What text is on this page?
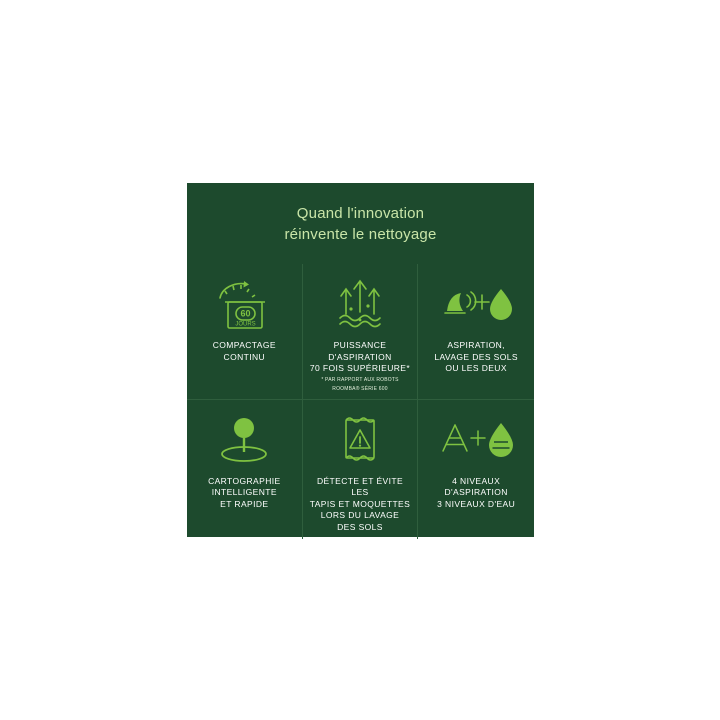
Quand l'innovation
réinvente le nettoyage
60
JOURS
COMPACTAGE
CONTINU
PUISSANCE
D'ASPIRATION
70 FOIS SUPÉRIEURE*
* PAR RAPPORT AUX ROBOTS
ROOMBA® SÉRIE 600
ASPIRATION,
LAVAGE DES SOLS
OU LES DEUX
CARTOGRAPHIE
INTELLIGENTE
ET RAPIDE
DÉTECTE ET ÉVITE LES
TAPIS ET MOQUETTES
LORS DU LAVAGE
DES SOLS
4 NIVEAUX
D'ASPIRATION
3 NIVEAUX D'EAU
